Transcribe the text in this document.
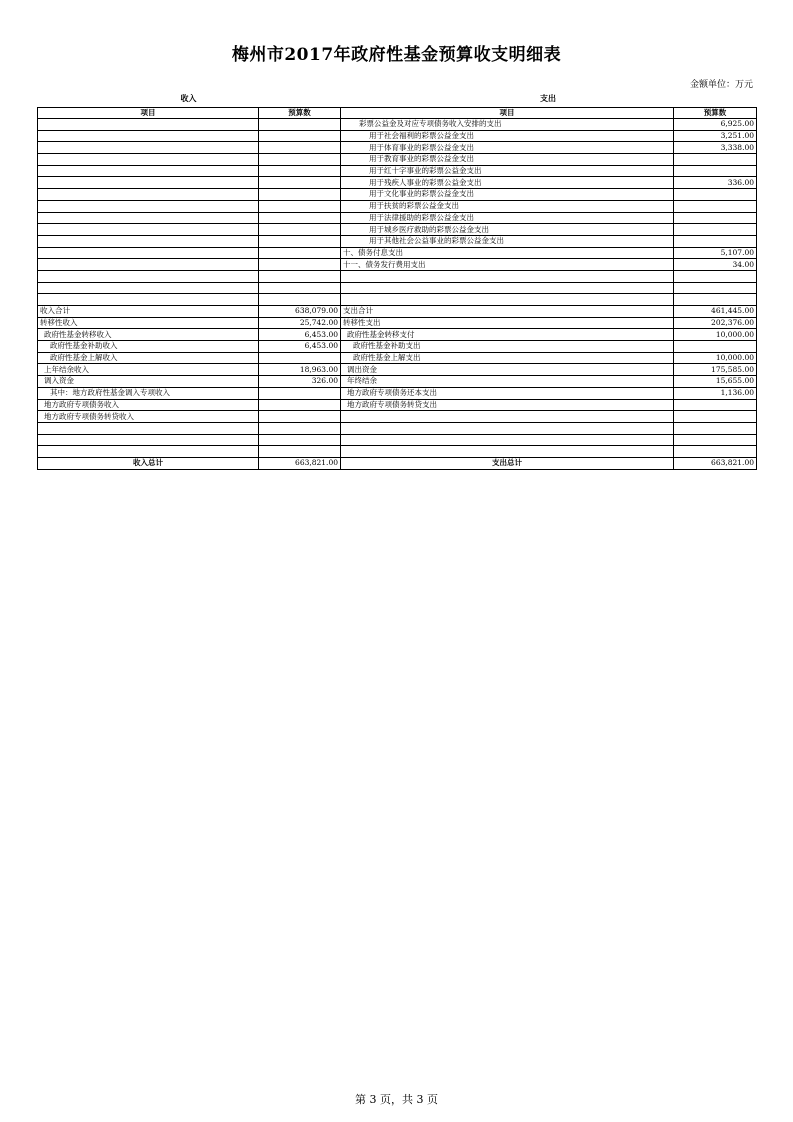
梅州市2017年政府性基金预算收支明细表
金额单位：万元
收入	支出
项目	预算数	项目	预算数
		彩票公益金及对应专项债务收入安排的支出	6,925.00
		用于社会福利的彩票公益金支出	3,251.00
		用于体育事业的彩票公益金支出	3,338.00
		用于教育事业的彩票公益金支出	
		用于红十字事业的彩票公益金支出	
		用于残疾人事业的彩票公益金支出	336.00
		用于文化事业的彩票公益金支出	
		用于扶贫的彩票公益金支出	
		用于法律援助的彩票公益金支出	
		用于城乡医疗救助的彩票公益金支出	
		用于其他社会公益事业的彩票公益金支出	
		十、债务付息支出	5,107.00
		十一、债务发行费用支出	34.00

收入合计	638,079.00	支出合计	461,445.00
转移性收入	25,742.00	转移性支出	202,376.00
政府性基金转移收入	6,453.00	政府性基金转移支付	10,000.00
政府性基金补助收入	6,453.00	政府性基金补助支出	
政府性基金上解收入		政府性基金上解支出	10,000.00
上年结余收入	18,963.00	调出资金	175,585.00
调入资金	326.00	年终结余	15,655.00
其中：地方政府性基金调入专项收入		地方政府专项债务还本支出	1,136.00
地方政府专项债务收入		地方政府专项债务转贷支出	
地方政府专项债务转贷收入			

收入总计	663,821.00	支出总计	663,821.00
第 3 页，共 3 页
